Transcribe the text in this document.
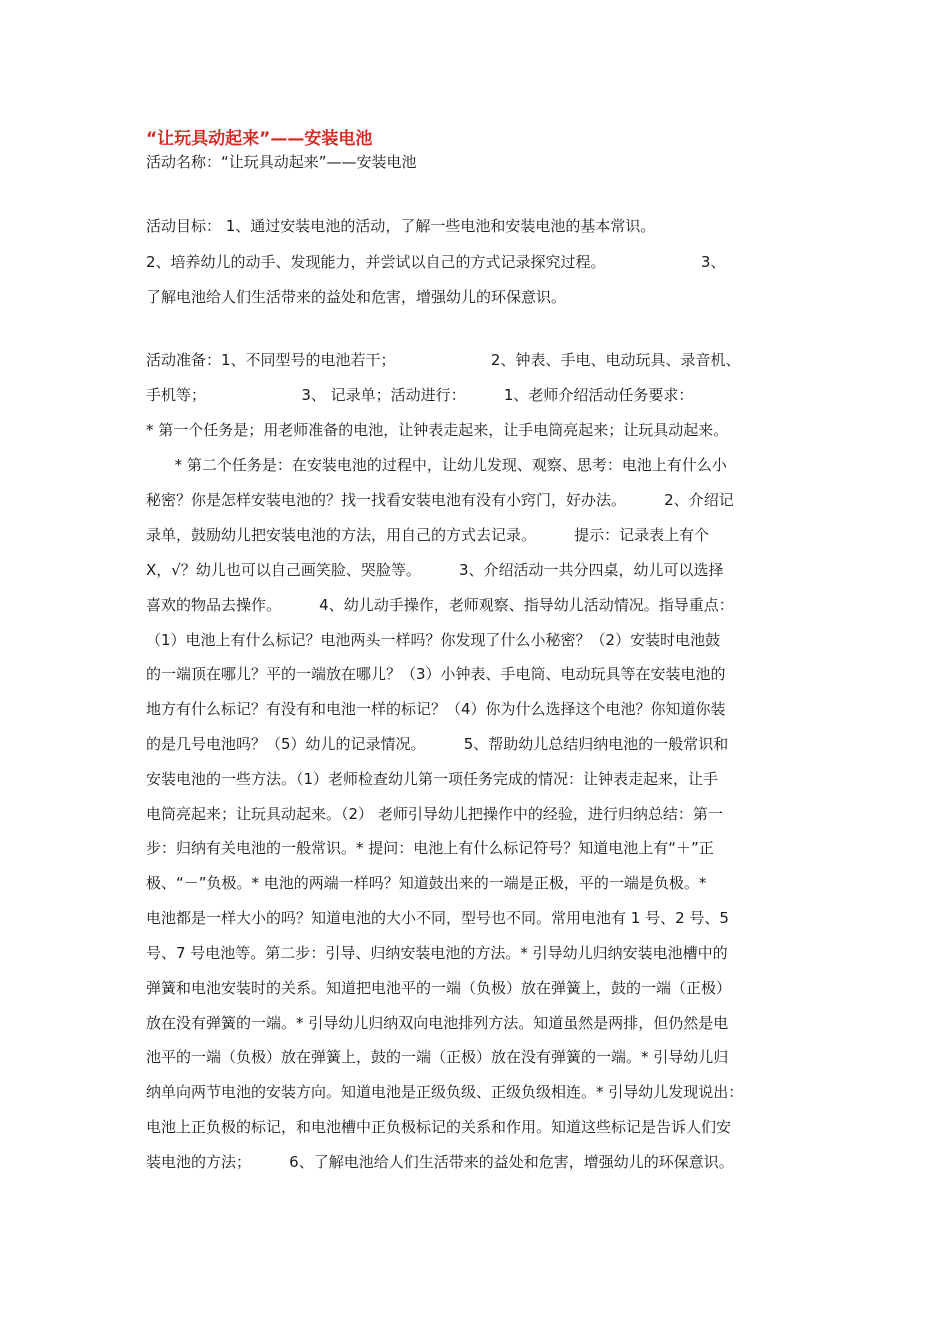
“让玩具动起来”——安装电池
活动名称：“让玩具动起来”——安装电池
活动目标： 1、通过安装电池的活动，了解一些电池和安装电池的基本常识。
2、培养幼儿的动手、发现能力，并尝试以自己的方式记录探究过程。                    3、
了解电池给人们生活带来的益处和危害，增强幼儿的环保意识。
活动准备：1、不同型号的电池若干；                    2、钟表、手电、电动玩具、录音机、
手机等；                    3、 记录单；活动进行：        1、老师介绍活动任务要求：
* 第一个任务是；用老师准备的电池，让钟表走起来，让手电筒亮起来；让玩具动起来。
* 第二个任务是：在安装电池的过程中，让幼儿发现、观察、思考：电池上有什么小
秘密？你是怎样安装电池的？找一找看安装电池有没有小窍门，好办法。        2、介绍记
录单，鼓励幼儿把安装电池的方法，用自己的方式去记录。        提示：记录表上有个
X，√？幼儿也可以自己画笑脸、哭脸等。        3、介绍活动一共分四桌，幼儿可以选择
喜欢的物品去操作。        4、幼儿动手操作，老师观察、指导幼儿活动情况。指导重点：
（1）电池上有什么标记？电池两头一样吗？你发现了什么小秘密？（2）安装时电池鼓
的一端顶在哪儿？平的一端放在哪儿？（3）小钟表、手电筒、电动玩具等在安装电池的
地方有什么标记？有没有和电池一样的标记？（4）你为什么选择这个电池？你知道你装
的是几号电池吗？（5）幼儿的记录情况。        5、帮助幼儿总结归纳电池的一般常识和
安装电池的一些方法。（1）老师检查幼儿第一项任务完成的情况：让钟表走起来，让手
电筒亮起来；让玩具动起来。（2） 老师引导幼儿把操作中的经验，进行归纳总结：第一
步：归纳有关电池的一般常识。* 提问：电池上有什么标记符号？知道电池上有“＋”正
极、“－”负极。* 电池的两端一样吗？知道鼓出来的一端是正极，平的一端是负极。*
电池都是一样大小的吗？知道电池的大小不同，型号也不同。常用电池有 1 号、2 号、5
号、7 号电池等。第二步：引导、归纳安装电池的方法。* 引导幼儿归纳安装电池槽中的
弹簧和电池安装时的关系。知道把电池平的一端（负极）放在弹簧上，鼓的一端（正极）
放在没有弹簧的一端。* 引导幼儿归纳双向电池排列方法。知道虽然是两排，但仍然是电
池平的一端（负极）放在弹簧上，鼓的一端（正极）放在没有弹簧的一端。* 引导幼儿归
纳单向两节电池的安装方向。知道电池是正级负级、正级负级相连。* 引导幼儿发现说出：
电池上正负极的标记，和电池槽中正负极标记的关系和作用。知道这些标记是告诉人们安
装电池的方法；        6、了解电池给人们生活带来的益处和危害，增强幼儿的环保意识。
